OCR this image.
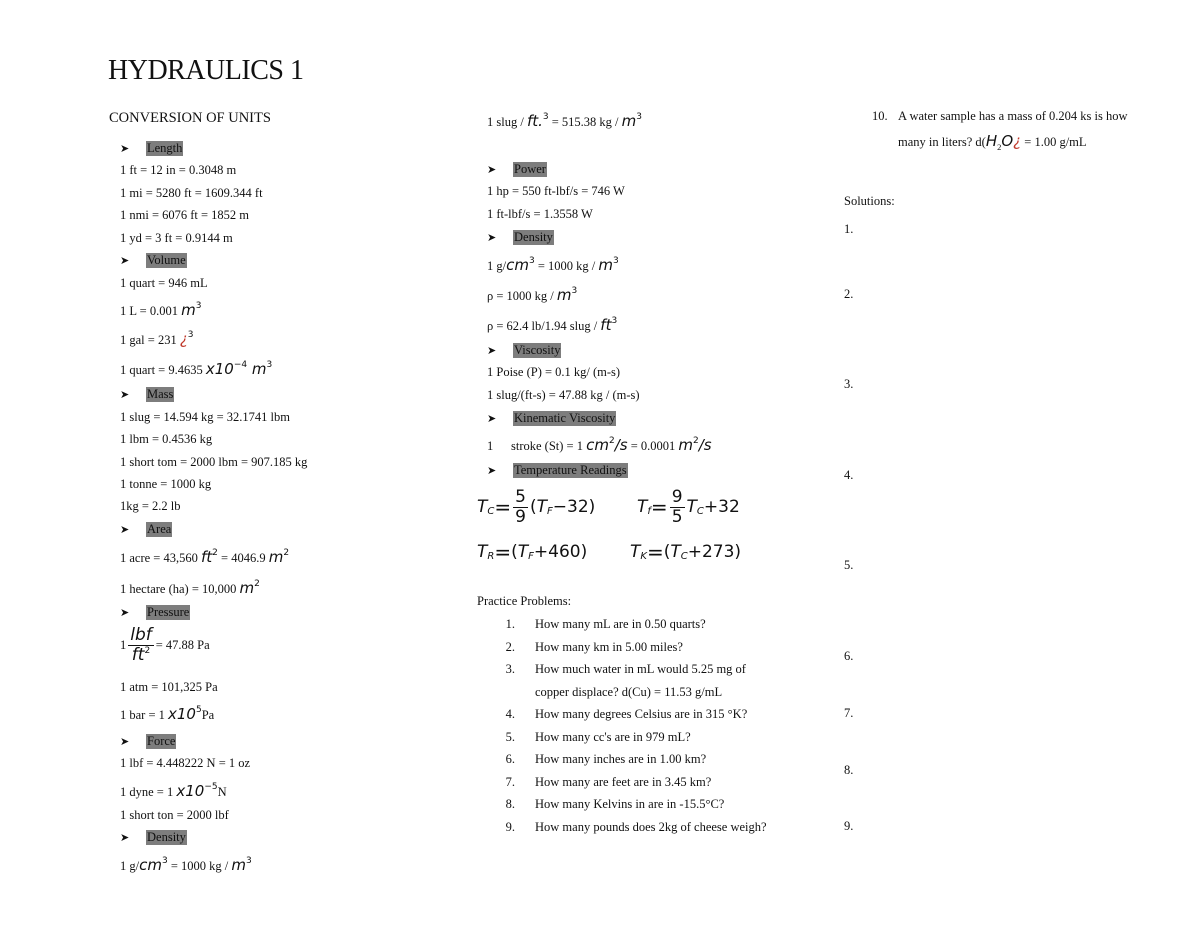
HYDRAULICS 1
CONVERSION OF UNITS
➤	Length
1 ft = 12 in = 0.3048 m
1 mi = 5280 ft = 1609.344 ft
1 nmi = 6076 ft = 1852 m
1 yd = 3 ft = 0.9144 m
➤	Volume
1 quart = 946 mL
1 L = 0.001 $m^3$
1 gal = 231 ¿$^3$
1 quart = 9.4635 $x10^{-4}$ $m^3$
➤	Mass
1 slug = 14.594 kg = 32.1741 lbm
1 lbm = 0.4536 kg
1 short tom = 2000 lbm = 907.185 kg
1 tonne = 1000 kg
1kg = 2.2 lb
➤	Area
1 acre = 43,560 $ft^2 = 4046.9$ $m^2$
1 hectare (ha) = 10,000 $m^2$
➤	Pressure
$1 \frac{\text{lbf}}{ft^2} = 47.88$ Pa
1 atm = 101,325 Pa
1 bar = 1 $x10^5Pa$
➤	Force
1 lbf = 4.448222 N = 1 oz
1 dyne = 1 $x10^{-5}N$
1 short ton = 2000 lbf
➤	Density
1 $g/cm^3 = 1000$ kg / $m^3$
1 slug / ft.$^3$ = 515.38 kg / $m^3$
➤	Power
1 hp = 550 ft-lbf/s = 746 W
1 ft-lbf/s = 1.3558 W
➤	Density
1 $g/cm^3 = 1000$ kg / $m^3$
ρ = 1000 kg / $m^3$
ρ = 62.4 lb/1.94 slug / $ft^3$
➤	Viscosity
1 Poise (P) = 0.1 kg/ (m-s)
1 slug/(ft-s) = 47.88 kg / (m-s)
➤	Kinematic Viscosity
1 stroke (St) = 1 $cm^2/s = 0.0001$ $m^2/s$
➤	Temperature Readings
T $C = \frac{5}{9}$ ( T F −32) T $f = \frac{9}{5}$ T C +32
T R = ( T F +460)	T K = ( T C +273)
Practice Problems:
1.	How many mL are in 0.50 quarts?
2.	How many km in 5.00 miles?
3.	How much water in mL would 5.25 mg of
copper displace? d(Cu) = 11.53 g/mL
4.	How many degrees Celsius are in 315 °K?
5.	How many cc's are in 979 mL?
6.	How many inches are in 1.00 km?
7.	How many are feet are in 3.45 km?
8.	How many Kelvins in are in -15.5°C?
9.	How many pounds does 2kg of cheese weigh?
10. A water sample has a mass of 0.204 ks is how
many in liters? $d(H_2O¿ = 1.00$ g/mL
Solutions:
1.
2.
3.
4.
5.
6.
7.
8.
9.
